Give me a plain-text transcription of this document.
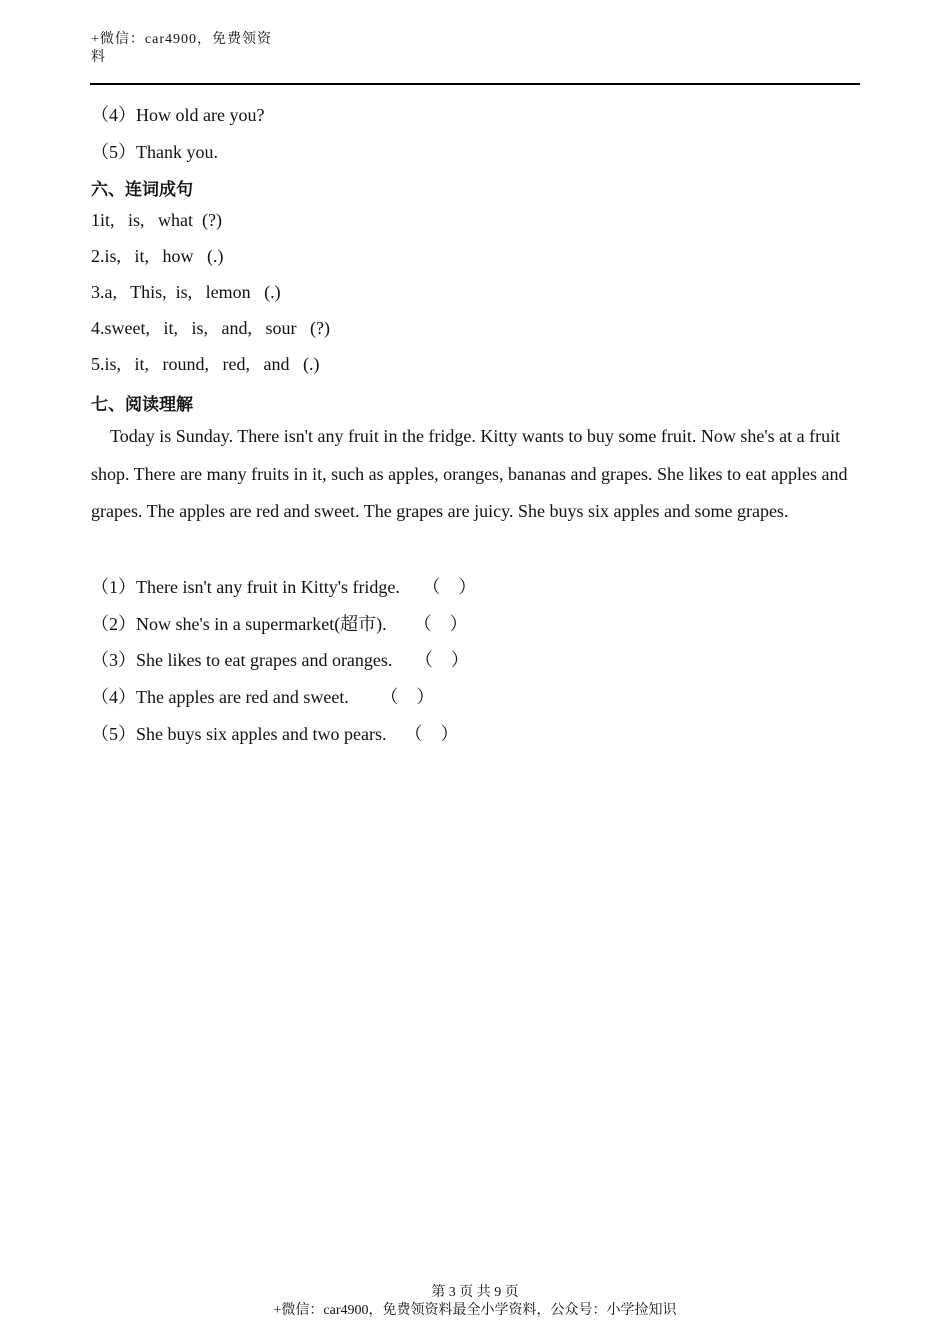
+微信：car4900，免费领资料
（4）How old are you?
（5）Thank you.
六、连词成句
1it,   is,   what  (?)
2.is,   it,   how   (.)
3.a,   This,  is,   lemon   (.)
4.sweet,   it,   is,   and,   sour   (?)
5.is,   it,   round,   red,   and   (.)
七、阅读理解
Today is Sunday. There isn't any fruit in the fridge. Kitty wants to buy some fruit. Now she's at a fruit shop. There are many fruits in it, such as apples, oranges, bananas and grapes. She likes to eat apples and grapes. The apples are red and sweet. The grapes are juicy. She buys six apples and some grapes.
（1）There isn't any fruit in Kitty's fridge.     （    ）
（2）Now she's in a supermarket(超市).      （    ）
（3）She likes to eat grapes and oranges.     （    ）
（4）The apples are red and sweet.       （    ）
（5）She buys six apples and two pears.    （    ）
第 3 页 共 9 页
+微信：car4900，免费领资料最全小学资料，公众号：小学捡知识
